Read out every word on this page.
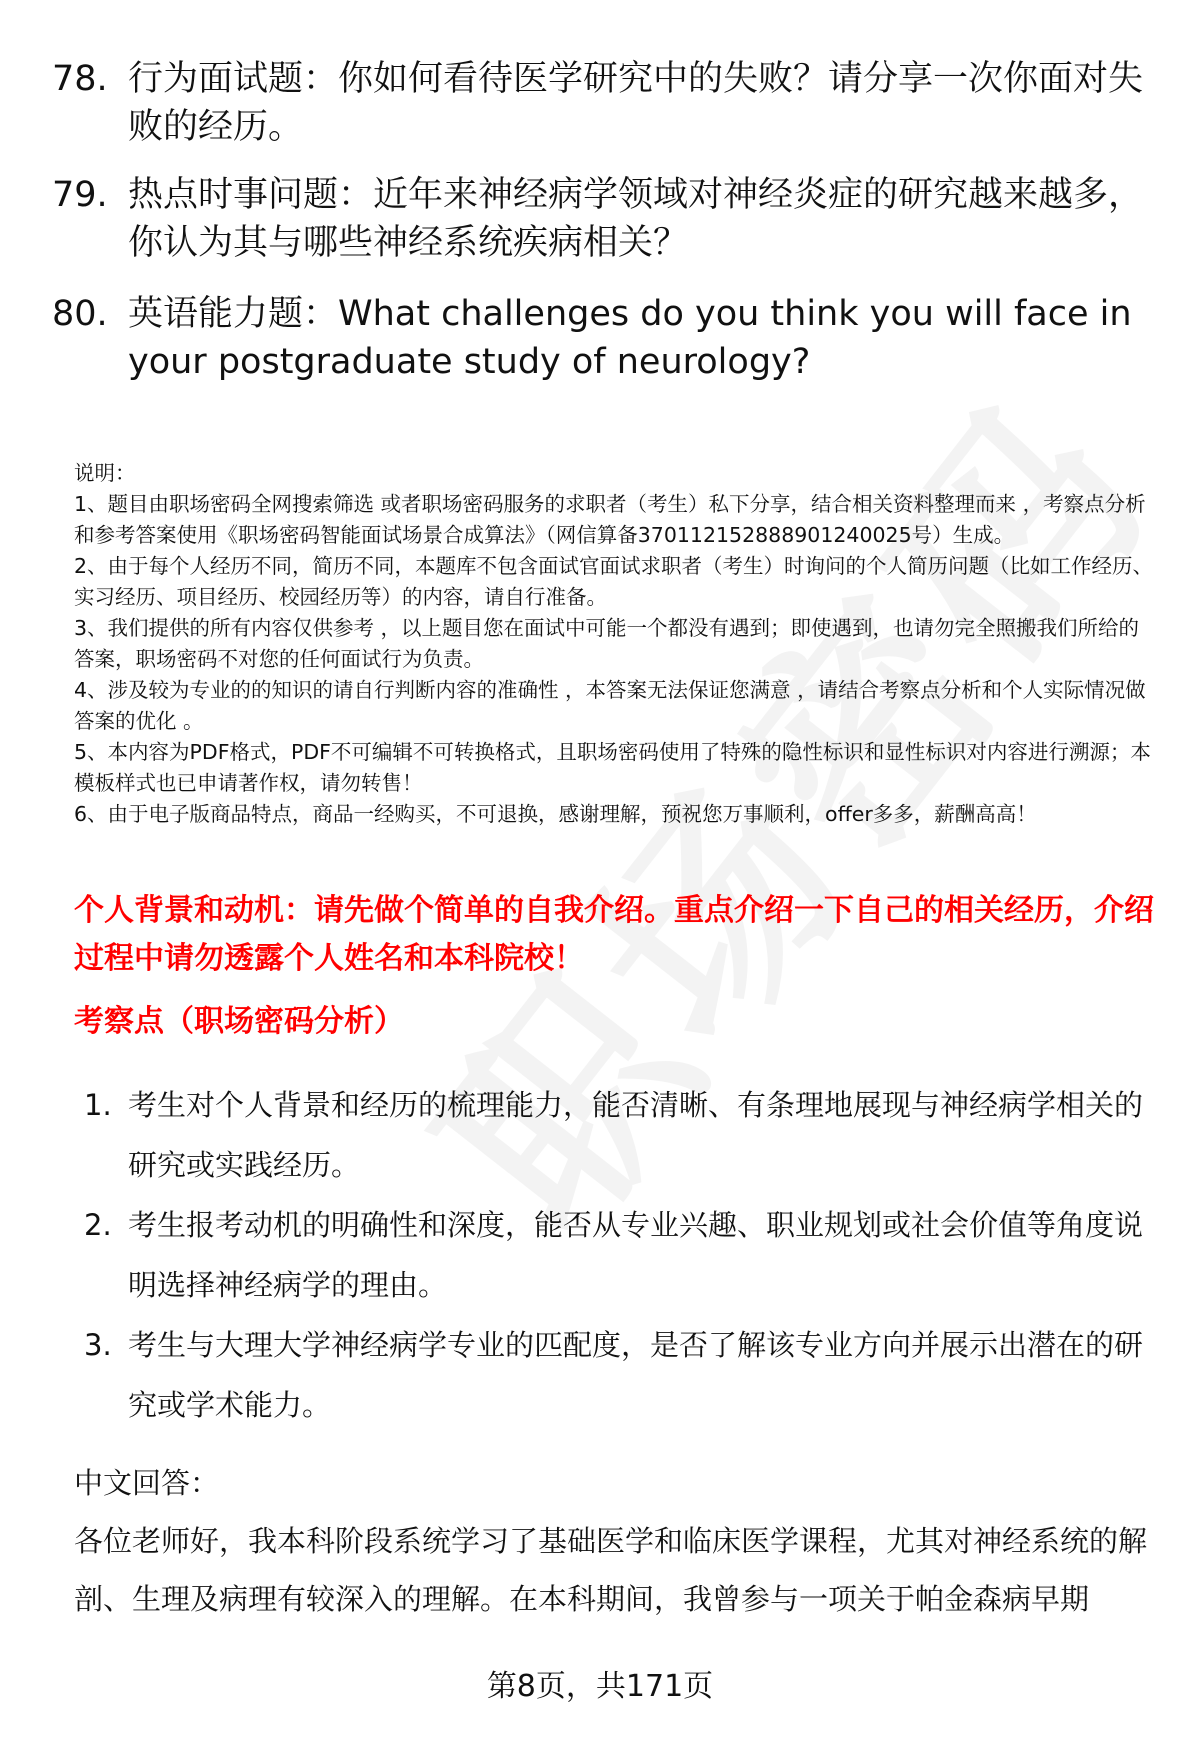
78. 行为面试题：你如何看待医学研究中的失败？请分享一次你面对失败的经历。
79. 热点时事问题：近年来神经病学领域对神经炎症的研究越来越多，你认为其与哪些神经系统疾病相关？
80. 英语能力题：What challenges do you think you will face in your postgraduate study of neurology?

说明：

1、题目由职场密码全网搜索筛选 或者职场密码服务的求职者（考生）私下分享，结合相关资料整理而来 ，考察点分析和参考答案使用《职场密码智能面试场景合成算法》（网信算备370112152888901240025号）生成。

2、由于每个人经历不同，简历不同，本题库不包含面试官面试求职者（考生）时询问的个人简历问题（比如工作经历、实习经历、项目经历、校园经历等）的内容，请自行准备。

3、我们提供的所有内容仅供参考 ，以上题目您在面试中可能一个都没有遇到；即使遇到，也请勿完全照搬我们所给的答案，职场密码不对您的任何面试行为负责。

4、涉及较为专业的的知识的请自行判断内容的准确性 ，本答案无法保证您满意 ，请结合考察点分析和个人实际情况做答案的优化 。

5、本内容为PDF格式，PDF不可编辑不可转换格式，且职场密码使用了特殊的隐性标识和显性标识对内容进行溯源；本模板样式也已申请著作权，请勿转售！

6、由于电子版商品特点，商品一经购买，不可退换，感谢理解，预祝您万事顺利，offer多多，薪酬高高！

个人背景和动机：请先做个简单的自我介绍。重点介绍一下自己的相关经历，介绍过程中请勿透露个人姓名和本科院校！
考察点（职场密码分析）
1. 考生对个人背景和经历的梳理能力，能否清晰、有条理地展现与神经病学相关的研究或实践经历。
2. 考生报考动机的明确性和深度，能否从专业兴趣、职业规划或社会价值等角度说明选择神经病学的理由。
3. 考生与大理大学神经病学专业的匹配度，是否了解该专业方向并展示出潜在的研究或学术能力。
中文回答：
各位老师好，我本科阶段系统学习了基础医学和临床医学课程，尤其对神经系统的解剖、生理及病理有较深入的理解。在本科期间，我曾参与一项关于帕金森病早期
第8页，共171页
